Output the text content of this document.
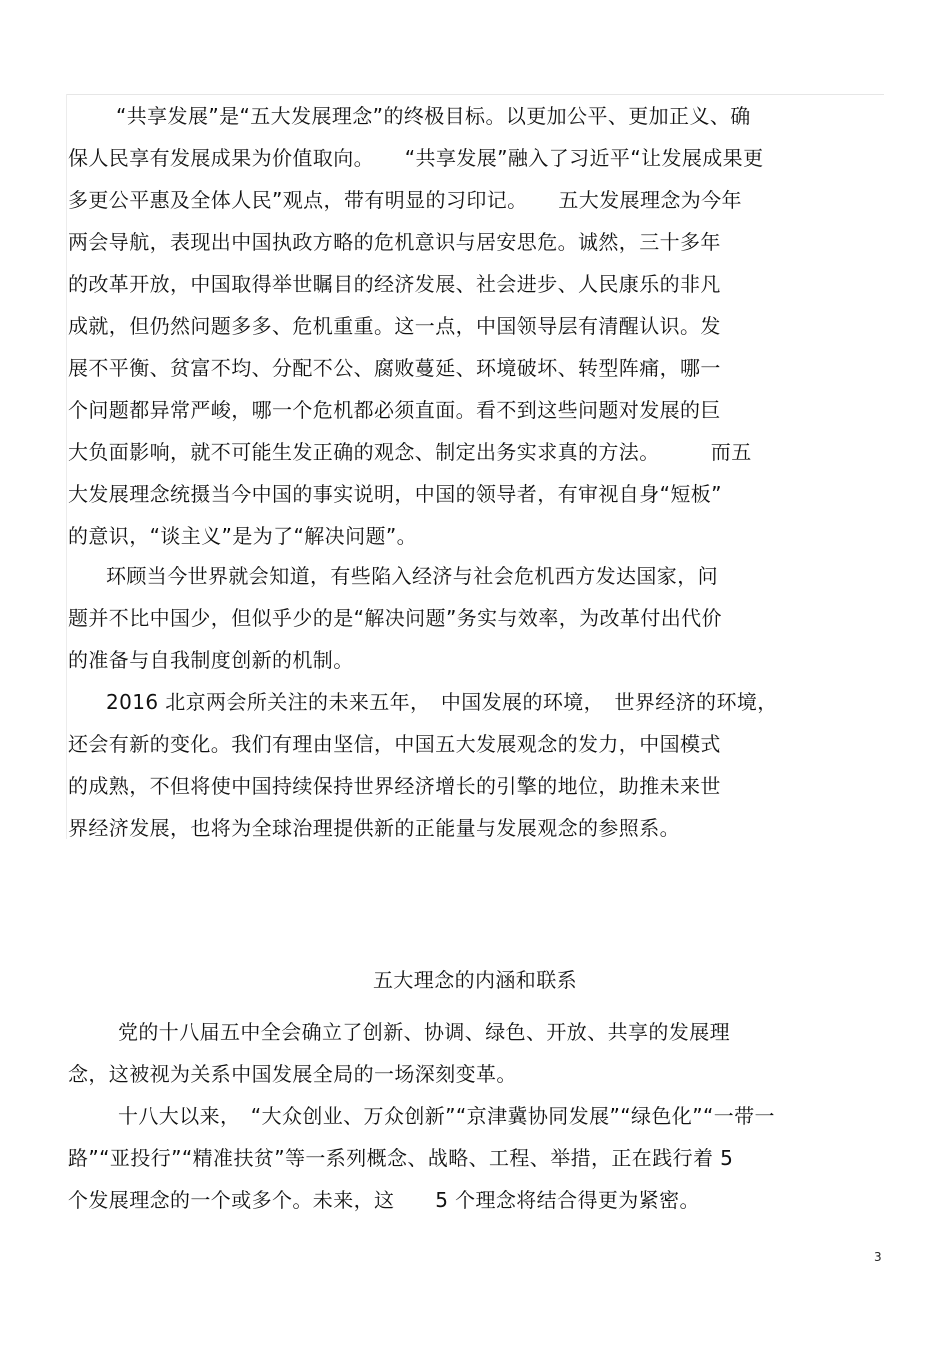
“共享发展”是“五大发展理念”的终极目标。以更加公平、更加正义、确
保人民享有发展成果为价值取向。　　“共享发展”融入了习近平“让发展成果更
多更公平惠及全体人民”观点，带有明显的习印记。　　五大发展理念为今年
两会导航，表现出中国执政方略的危机意识与居安思危。诚然，三十多年
的改革开放，中国取得举世瞩目的经济发展、社会进步、人民康乐的非凡
成就，但仍然问题多多、危机重重。这一点，中国领导层有清醒认识。发
展不平衡、贫富不均、分配不公、腐败蔓延、环境破坏、转型阵痛，哪一
个问题都异常严峻，哪一个危机都必须直面。看不到这些问题对发展的巨
大负面影响，就不可能生发正确的观念、制定出务实求真的方法。　　　而五
大发展理念统摄当今中国的事实说明，中国的领导者，有审视自身“短板”
的意识，“谈主义”是为了“解决问题”。
环顾当今世界就会知道，有些陷入经济与社会危机西方发达国家，问
题并不比中国少，但似乎少的是“解决问题”务实与效率，为改革付出代价
的准备与自我制度创新的机制。
2016 北京两会所关注的未来五年，　中国发展的环境，　世界经济的环境，
还会有新的变化。我们有理由坚信，中国五大发展观念的发力，中国模式
的成熟，不但将使中国持续保持世界经济增长的引擎的地位，助推未来世
界经济发展，也将为全球治理提供新的正能量与发展观念的参照系。
五大理念的内涵和联系
党的十八届五中全会确立了创新、协调、绿色、开放、共享的发展理
念，这被视为关系中国发展全局的一场深刻变革。
十八大以来，　“大众创业、万众创新”“京津冀协同发展”“绿色化”“一带一
路”“亚投行”“精准扶贫”等一系列概念、战略、工程、举措，正在践行着 5
个发展理念的一个或多个。未来，这　　5 个理念将结合得更为紧密。
3
